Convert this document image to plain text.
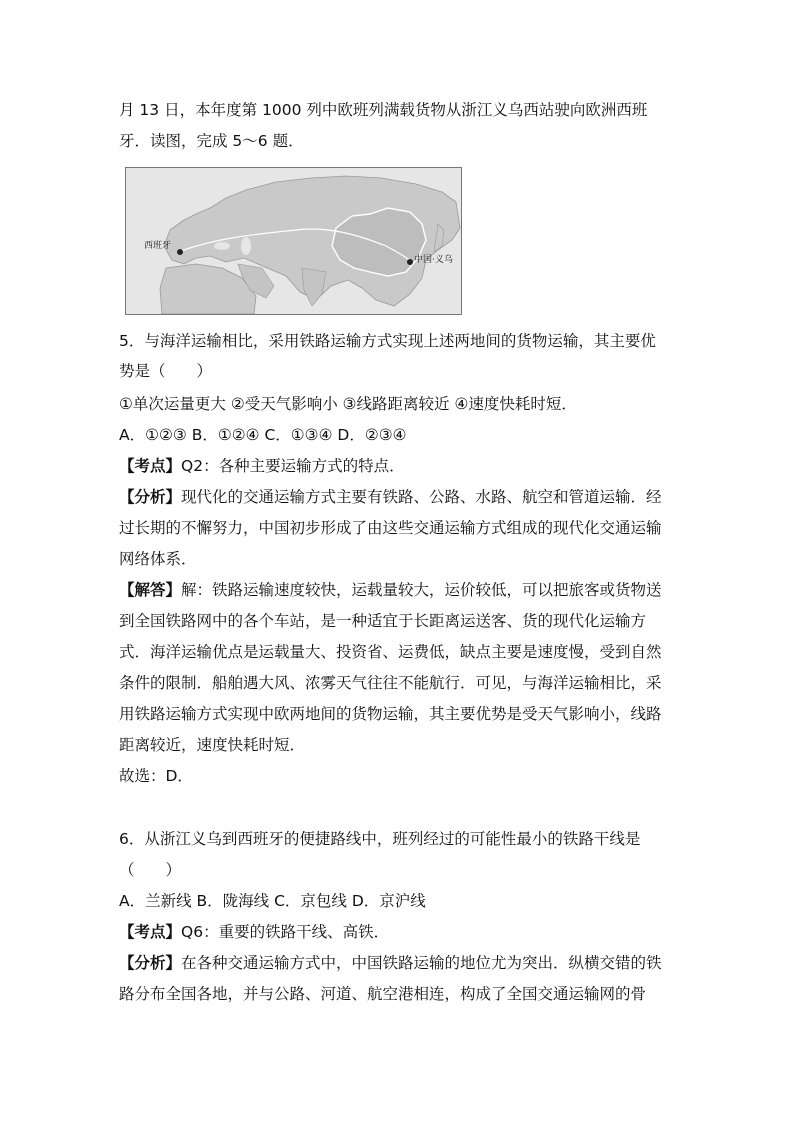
月 13 日，本年度第 1000 列中欧班列满载货物从浙江义乌西站驶向欧洲西班
牙．读图，完成 5～6 题．
西班牙
中国·义乌
5．与海洋运输相比，采用铁路运输方式实现上述两地间的货物运输，其主要优
势是（　　）
①单次运量更大 ②受天气影响小 ③线路距离较近 ④速度快耗时短．
A．①②③ B．①②④ C．①③④ D．②③④
【考点】Q2：各种主要运输方式的特点．
【分析】现代化的交通运输方式主要有铁路、公路、水路、航空和管道运输．经
过长期的不懈努力，中国初步形成了由这些交通运输方式组成的现代化交通运输
网络体系．
【解答】解：铁路运输速度较快，运载量较大，运价较低，可以把旅客或货物送
到全国铁路网中的各个车站，是一种适宜于长距离运送客、货的现代化运输方
式．海洋运输优点是运载量大、投资省、运费低，缺点主要是速度慢，受到自然
条件的限制．船舶遇大风、浓雾天气往往不能航行．可见，与海洋运输相比，采
用铁路运输方式实现中欧两地间的货物运输，其主要优势是受天气影响小，线路
距离较近，速度快耗时短．
故选：D．
6．从浙江义乌到西班牙的便捷路线中，班列经过的可能性最小的铁路干线是
（　　）
A．兰新线 B．陇海线 C．京包线 D．京沪线
【考点】Q6：重要的铁路干线、高铁．
【分析】在各种交通运输方式中，中国铁路运输的地位尤为突出．纵横交错的铁
路分布全国各地，并与公路、河道、航空港相连，构成了全国交通运输网的骨
